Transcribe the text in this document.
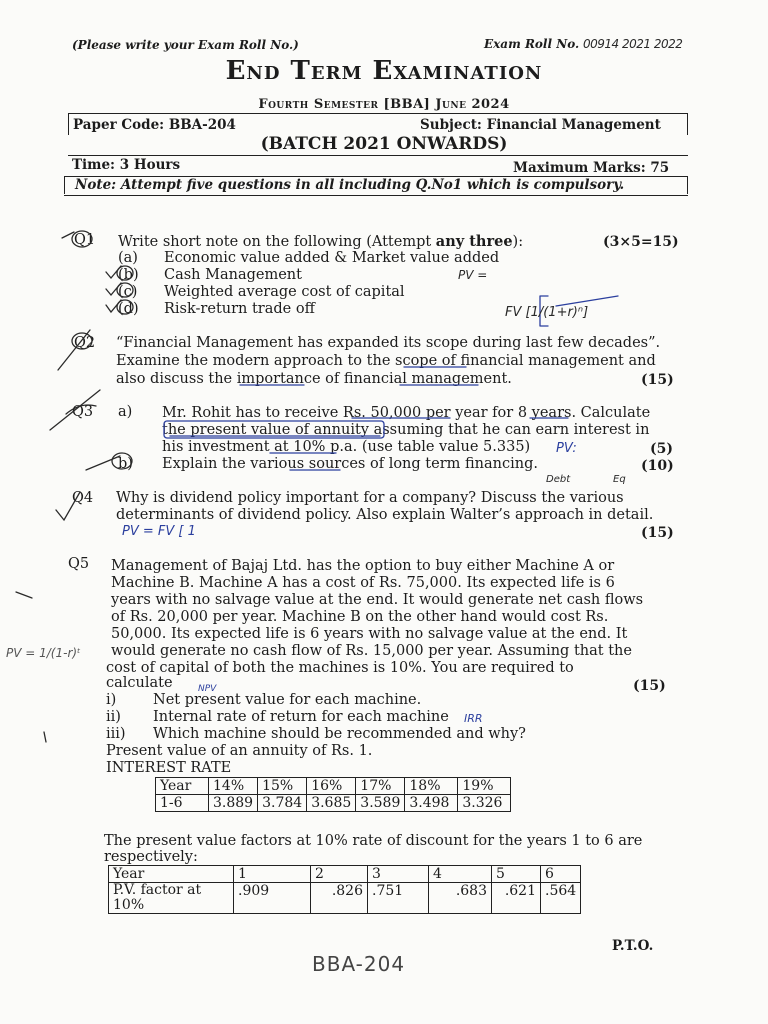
(Please write your Exam Roll No.)	Exam Roll No. 00914 2021 2022
End Term Examination
Fourth Semester [BBA] June 2024
Paper Code: BBA-204	Subject: Financial Management
(BATCH 2021 ONWARDS)
Time: 3 Hours	Maximum Marks: 75
Note: Attempt five questions in all including Q.No1 which is compulsory.
Q1 Write short note on the following (Attempt any three):	(3×5=15)
(a) Economic value added & Market value added
(b) Cash Management
(c) Weighted average cost of capital
(d) Risk-return trade off
Q2 “Financial Management has expanded its scope during last few decades”.
Examine the modern approach to the scope of financial management and
also discuss the importance of financial management.	(15)
Q3 a) Mr. Rohit has to receive Rs. 50,000 per year for 8 years. Calculate
the present value of annuity assuming that he can earn interest in
his investment at 10% p.a. (use table value 5.335)	(5)
b) Explain the various sources of long term financing.	(10)
Q4 Why is dividend policy important for a company? Discuss the various
determinants of dividend policy. Also explain Walter’s approach in detail.
(15)
Q5 Management of Bajaj Ltd. has the option to buy either Machine A or
Machine B. Machine A has a cost of Rs. 75,000. Its expected life is 6
years with no salvage value at the end. It would generate net cash flows
of Rs. 20,000 per year. Machine B on the other hand would cost Rs.
50,000. Its expected life is 6 years with no salvage value at the end. It
would generate no cash flow of Rs. 15,000 per year. Assuming that the
cost of capital of both the machines is 10%. You are required to
calculate	(15)
i)	Net present value for each machine.
ii) Internal rate of return for each machine
iii) Which machine should be recommended and why?
Present value of an annuity of Rs. 1.
INTEREST RATE
Year	14%	15%	16%	17%	18%	19%
1-6	3.889	3.784	3.685	3.589	3.498	3.326
The present value factors at 10% rate of discount for the years 1 to 6 are
respectively:
Year	1	2	3	4	5	6
P.V. factor at
10%	.909	.826	.751	.683	.621	.564
P.T.O.
PV =
FV [1/(1+r)ⁿ]
PV:
Debt	Eq
PV = FV [ 1
NPV
IRR
PV = 1/(1-r)ᵗ
BBA-204
